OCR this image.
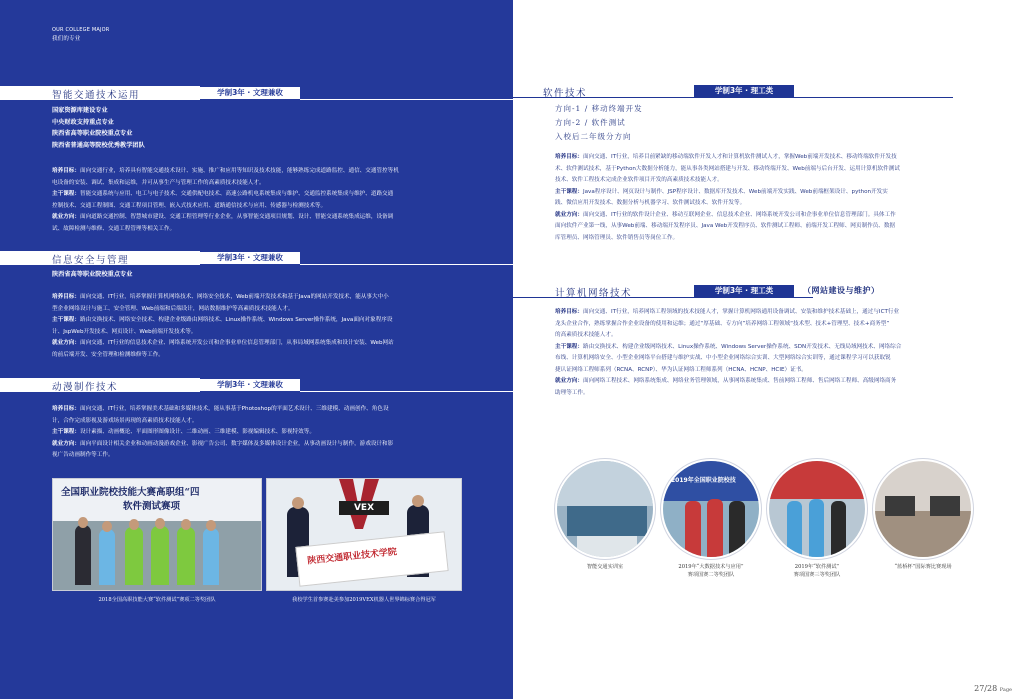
OUR COLLEGE MAJOR
我们的专业
智能交通技术运用	学制3年 · 文理兼收
国家资源库建设专业
中央财政支持重点专业
陕西省高等职业院校重点专业
陕西省普通高等院校优秀教学团队
培养目标：面向交通行业，培养具有智能交通技术设计、实施、推广和应用等知识及技术技能，能够熟练完成道路监控、通信、交通管控等机
电设备的安装、调试、集成和运维，并可从事生产与管理工作的高素质技术技能人才。
主干课程：智能交通系统与应用、电工与电子技术、交通供配电技术、高速公路机电系统集成与维护、交通监控系统集成与维护、道路交通
控制技术、交通工程制图、交通工程项目管理、嵌入式技术应用、道路通信技术与应用、传感器与检测技术等。
就业方向：面向道路交通控制、智慧城市建设、交通工程管理等行业企业，从事智能交通项目规划、设计、智能交通系统集成运维，设备调
试、故障检测与维修、交通工程管理等相关工作。
信息安全与管理	学制3年 · 文理兼收
陕西省高等职业院校重点专业
培养目标：面向交通、IT行业，培养掌握计算机网络技术、网络安全技术，Web前端开发技术和基于Java的网站开发技术，能从事大中小
型企业网络设计与施工、安全管理、Web前端和后端设计，网站数据维护等高素质技术技能人才。
主干课程：路由交换技术、网络安全技术、构建企业级路由网络技术、Linux操作系统、Windows Server操作系统，Java面向对象程序设
计、JspWeb开发技术、网页设计、Web前端开发技术等。
就业方向：面向交通、IT行业的信息技术企业、网络系统开发公司和企事业单位信息管理部门，从事局域网系统集成和设计安装、Web网站
的前后端开发、安全管理和检测维修等工作。
动漫制作技术	学制3年 · 文理兼收
培养目标：面向交通、IT行业，培养掌握美术基础和多媒体技术，能从事基于Photoshop的平面艺术设计、三维建模、动画创作、角色设
计，合作完成影视及游戏场景再现的高素质技术技能人才。
主干课程：设计素描、动画概论、平面图形图像设计、二维动画、三维建模、影视编辑技术、影视特效等。
就业方向：面向平面设计相关企业和动画动漫游戏企业、影视广告公司、数字媒体及多媒体设计企业，从事动画设计与制作，游戏设计和影
视广告动画制作等工作。
全国职业院校技能大赛高职组“四
软件测试赛项
2018全国高职技能大赛“软件测试”赛项二等奖团队
VEX
陕西交通职业技术学院
我校学生首参赛赴美参加2019VEX机器人世界锦标赛合得冠军
软件技术	学制3年 · 理工类
方向-1 / 移动终端开发
方向-2 / 软件测试
入校后二年级分方向
培养目标：面向交通、IT行业，培养目前紧缺的移动端软件开发人才和计算机软件测试人才，掌握Web前端开发技术、移动终端软件开发技
术、软件测试技术，基于Python大数据分析能力，能从事各类网站搭建与开发、移动终端开发、Web前端与后台开发、运用计算机软件测试
技术、软件工程技术完成企业软件项目开发的高素质技术技能人才。
主干课程：Java程序设计、网页设计与制作、JSP程序设计、数据库开发技术、Web前端开发实践、Web前端框架设计、python开发实
践、微信应用开发技术、数据分析与机器学习、软件测试技术、软件开发等。
就业方向：面向交通、IT行业的软件设计企业、移动互联网企业、信息技术企业、网络系统开发公司和企事业单位信息管理部门。具体工作
面向软件产业第一线，从事Web前端、移动端开发程序员、Java Web开发程序员、软件测试工程师、前端开发工程师、网页制作员、数据
库管理员、网络管理员、软件销售员等岗位工作。
计算机网络技术	学制3年 · 理工类	（网站建设与维护）
培养目标：面向交通、IT行业，培养网络工程领域的技术技能人才，掌握计算机网络通用设备调试、安装和维护技术基础上，通过与ICT行业
龙头企业合作，熟练掌握合作企业设备的使用和运维；通过“厚基础、专方向”培养网络工程领域“技术型、技术+管理型、技术+商务型”
的高素质技术技能人才。
主干课程：路由交换技术、构建企业级网络技术、Linux操作系统、Windows Server操作系统、SDN开发技术、无线局域网技术、网络综合
布线、计算机网络安全、小型企业网络平台搭建与维护实战、中小型企业网络综合实训、大型网络综合实训等，通过课程学习可以获取锐
捷认证网络工程师系列（RCNA、RCNP）、华为认证网络工程师系列（HCNA、HCNP、HCIE）证书。
就业方向：面向网络工程技术、网络系统集成、网络业务管理领域，从事网络系统集成、售前网络工程师、售后网络工程师、高级网络商务
助理等工作。
智能交通实训室
2019年全国职业院校技
2019年“大数据技术与应用”
赛项国赛二等奖团队
2019年“软件测试”
赛项国赛三等奖团队
“蓝桥杯”国际赛比赛现场
27/28 Page
